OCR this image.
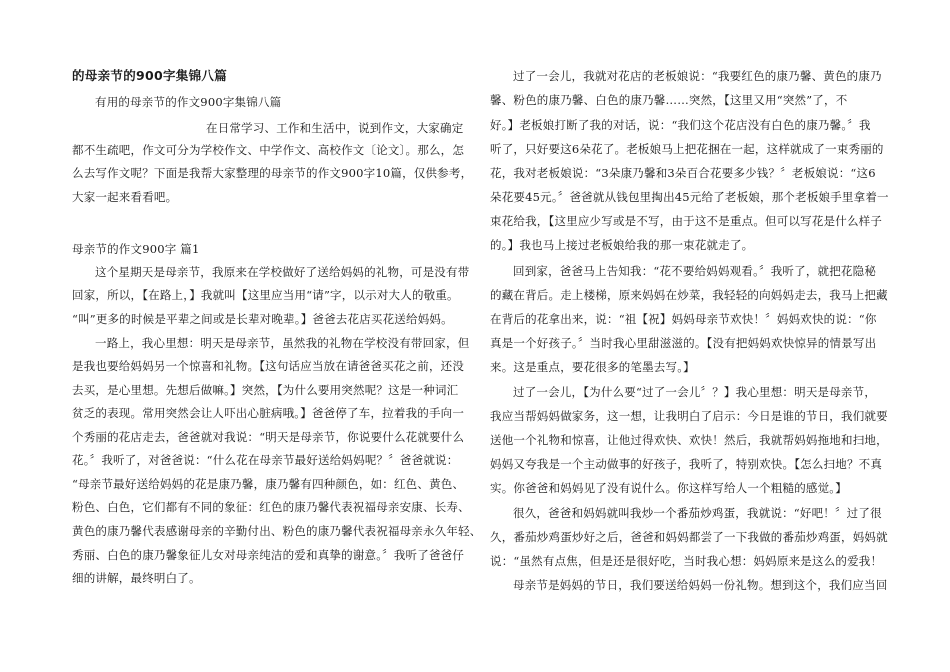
的母亲节的900字集锦八篇
有用的母亲节的作文900字集锦八篇
在日常学习、工作和生活中，说到作文，大家确定
都不生疏吧，作文可分为学校作文、中学作文、高校作文〔论文〕。那么，怎
么去写作文呢？下面是我帮大家整理的母亲节的作文900字10篇，仅供参考，
大家一起来看看吧。
母亲节的作文900字 篇1
这个星期天是母亲节，我原来在学校做好了送给妈妈的礼物，可是没有带
回家，所以，【在路上，】我就叫【这里应当用“请”字，以示对大人的敬重。
“叫”更多的时候是平辈之间或是长辈对晚辈。】爸爸去花店买花送给妈妈。
一路上，我心里想：明天是母亲节，虽然我的礼物在学校没有带回家，但
是我也要给妈妈另一个惊喜和礼物。【这句话应当放在请爸爸买花之前，还没
去买，是心里想。先想后做嘛。】突然，【为什么要用突然呢？这是一种词汇
贫乏的表现。常用突然会让人吓出心脏病哦。】爸爸停了车，拉着我的手向一
个秀丽的花店走去，爸爸就对我说：“明天是母亲节，你说要什么花就要什么
花。〞我听了，对爸爸说：“什么花在母亲节最好送给妈妈呢？〞爸爸就说：
“母亲节最好送给妈妈的花是康乃馨，康乃馨有四种颜色，如：红色、黄色、
粉色、白色，它们都有不同的象征：红色的康乃馨代表祝福母亲安康、长寿、
黄色的康乃馨代表感谢母亲的辛勤付出、粉色的康乃馨代表祝福母亲永久年轻、
秀丽、白色的康乃馨象征儿女对母亲纯洁的爱和真挚的谢意。〞我听了爸爸仔
细的讲解，最终明白了。
过了一会儿，我就对花店的老板娘说：“我要红色的康乃馨、黄色的康乃
馨、粉色的康乃馨、白色的康乃馨……突然，【这里又用“突然”了，不
好。】老板娘打断了我的对话，说：“我们这个花店没有白色的康乃馨。〞我
听了，只好要这6朵花了。老板娘马上把花捆在一起，这样就成了一束秀丽的
花，我对老板娘说：“3朵康乃馨和3朵百合花要多少钱？〞老板娘说：“这6
朵花要45元。〞爸爸就从钱包里掏出45元给了老板娘，那个老板娘手里拿着一
束花给我，【这里应少写或是不写，由于这不是重点。但可以写花是什么样子
的。】我也马上接过老板娘给我的那一束花就走了。
回到家，爸爸马上告知我：“花不要给妈妈观看。〞我听了，就把花隐秘
的藏在背后。走上楼梯，原来妈妈在炒菜，我轻轻的向妈妈走去，我马上把藏
在背后的花拿出来，说：“祖【祝】妈妈母亲节欢快！〞妈妈欢快的说：“你
真是一个好孩子。〞当时我心里甜滋滋的。【没有把妈妈欢快惊异的情景写出
来。这是重点，要花很多的笔墨去写。】
过了一会儿，【为什么要“过了一会儿〞？】我心里想：明天是母亲节，
我应当帮妈妈做家务，这一想，让我明白了启示：今日是谁的节日，我们就要
送他一个礼物和惊喜，让他过得欢快、欢快！然后，我就帮妈妈拖地和扫地，
妈妈又夸我是一个主动做事的好孩子，我听了，特别欢快。【怎么扫地？不真
实。你爸爸和妈妈见了没有说什么。你这样写给人一个粗糙的感觉。】
很久，爸爸和妈妈就叫我炒一个番茄炒鸡蛋，我就说：“好吧！〞过了很
久，番茄炒鸡蛋炒好之后，爸爸和妈妈都尝了一下我做的番茄炒鸡蛋，妈妈就
说：“虽然有点焦，但是还是很好吃，当时我心想：妈妈原来是这么的爱我！
母亲节是妈妈的节日，我们要送给妈妈一份礼物。想到这个，我们应当回
